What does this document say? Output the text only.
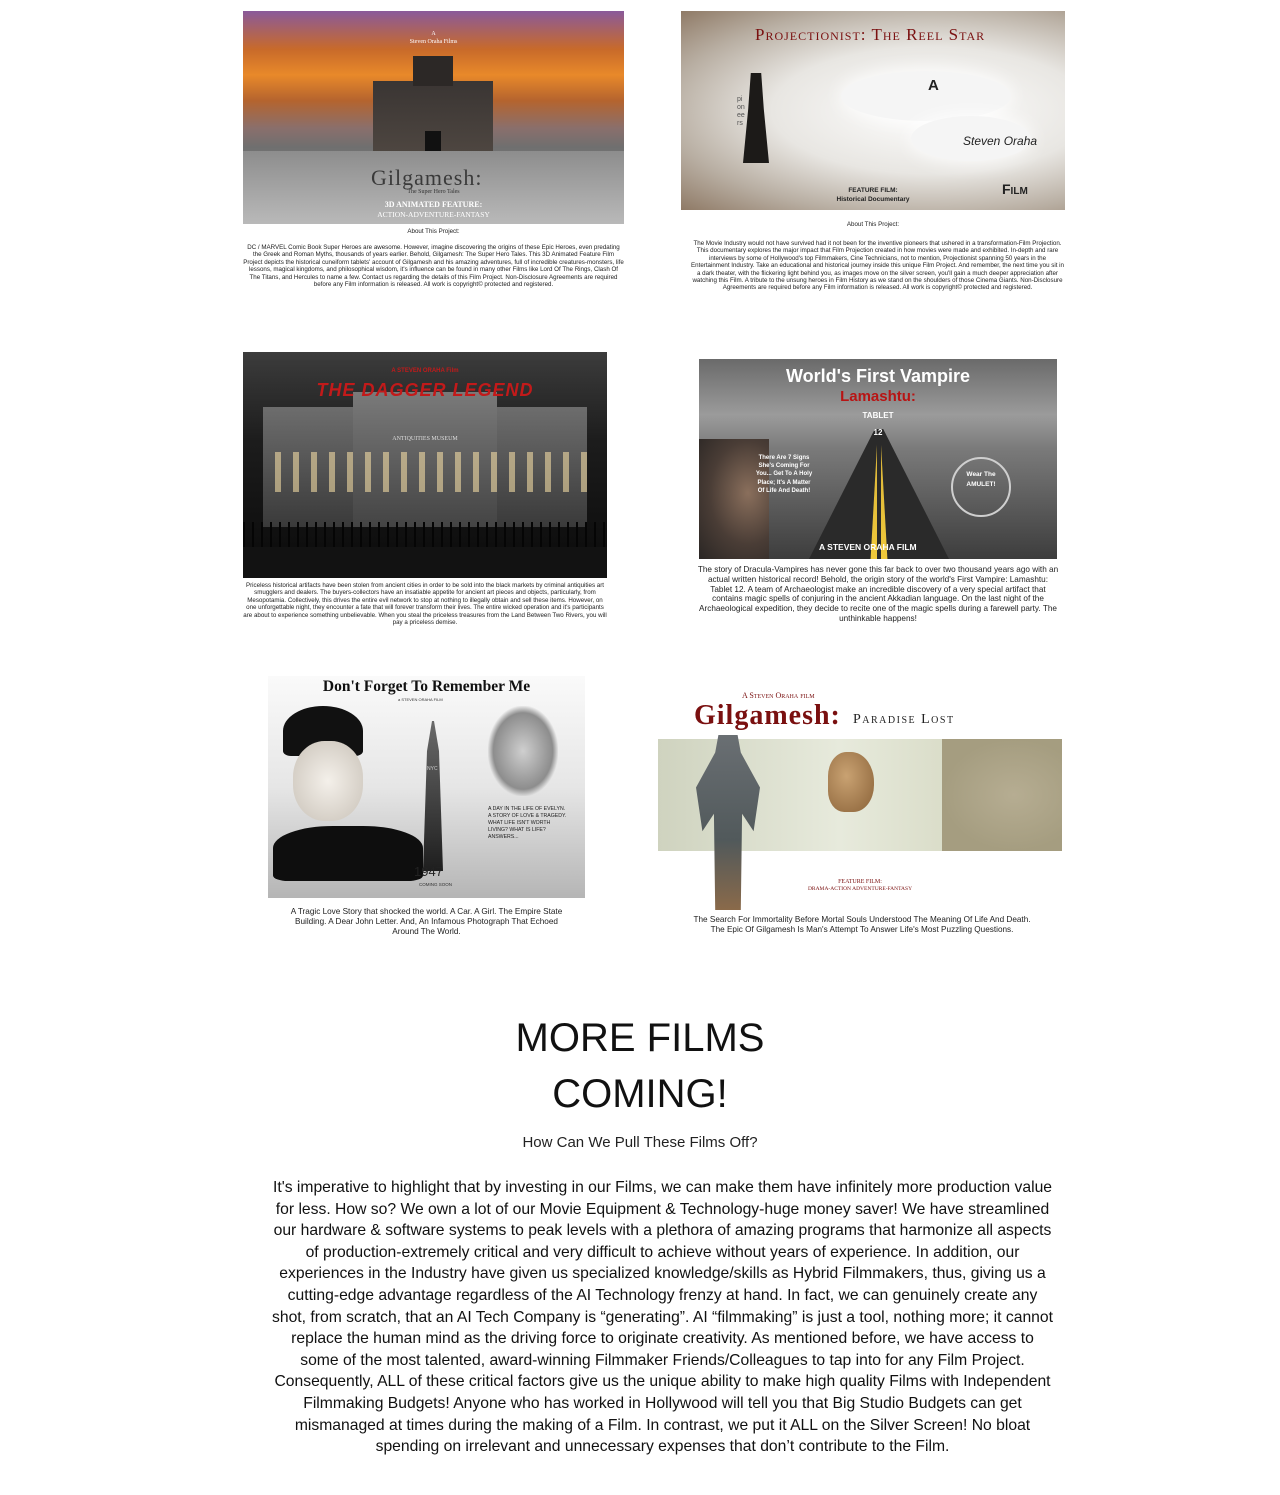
A
Steven Oraha Films
Gilgamesh:
The Super Hero Tales
3D ANIMATED FEATURE:
ACTION-ADVENTURE-FANTASY
About This Project:
DC / MARVEL Comic Book Super Heroes are awesome. However, imagine discovering the origins of these Epic Heroes, even predating the Greek and Roman Myths, thousands of years earlier. Behold, Gilgamesh: The Super Hero Tales. This 3D Animated Feature Film Project depicts the historical cuneiform tablets' account of Gilgamesh and his amazing adventures, full of incredible creatures-monsters, life lessons, magical kingdoms, and philosophical wisdom, it's influence can be found in many other Films like Lord Of The Rings, Clash Of The Titans, and Hercules to name a few. Contact us regarding the details of this Film Project. Non-Disclosure Agreements are required before any Film information is released. All work is copyright© protected and registered.
Projectionist: The Reel Star
pioneers
A
Steven Oraha
Film
FEATURE FILM:
Historical Documentary
About This Project:
The Movie Industry would not have survived had it not been for the inventive pioneers that ushered in a transformation-Film Projection. This documentary explores the major impact that Film Projection created in how movies were made and exhibited. In-depth and rare interviews by some of Hollywood's top Filmmakers, Cine Technicians, not to mention, Projectionist spanning 50 years in the Entertainment Industry. Take an educational and historical journey inside this unique Film Project. And remember, the next time you sit in a dark theater, with the flickering light behind you, as images move on the silver screen, you'll gain a much deeper appreciation after watching this Film. A tribute to the unsung heroes in Film History as we stand on the shoulders of those Cinema Giants. Non-Disclosure Agreements are required before any Film information is released. All work is copyright© protected and registered.
A STEVEN ORAHA Film
THE DAGGER LEGEND
ANTIQUITIES MUSEUM
Priceless historical artifacts have been stolen from ancient cities in order to be sold into the black markets by criminal antiquities art smugglers and dealers. The buyers-collectors have an insatiable appetite for ancient art pieces and objects, particularly, from Mesopotamia. Collectively, this drives the entire evil network to stop at nothing to illegally obtain and sell these items. However, on one unforgettable night, they encounter a fate that will forever transform their lives. The entire wicked operation and it's participants are about to experience something unbelievable. When you steal the priceless treasures from the Land Between Two Rivers, you will pay a priceless demise.
World's First Vampire
Lamashtu:
TABLET
12
There Are 7 Signs She's Coming For You... Get To A Holy Place; It's A Matter Of Life And Death!
Wear The
AMULET!
A STEVEN ORAHA FILM
The story of Dracula-Vampires has never gone this far back to over two thousand years ago with an actual written historical record! Behold, the origin story of the world's First Vampire: Lamashtu: Tablet 12. A team of Archaeologist make an incredible discovery of a very special artifact that contains magic spells of conjuring in the ancient Akkadian language. On the last night of the Archaeological expedition, they decide to recite one of the magic spells during a farewell party. The unthinkable happens!
Don't Forget To Remember Me
a STEVEN ORAHA FILM
NYC
A DAY IN THE LIFE OF EVELYN. A STORY OF LOVE & TRAGEDY. WHAT LIFE ISN'T WORTH LIVING? WHAT IS LIFE? ANSWERS...
1947
COMING SOON
A Tragic Love Story that shocked the world. A Car. A Girl. The Empire State Building. A Dear John Letter. And, An Infamous Photograph That Echoed Around The World.
A Steven Oraha film
Gilgamesh: Paradise Lost
FEATURE FILM:
DRAMA-ACTION ADVENTURE-FANTASY
The Search For Immortality Before Mortal Souls Understood The Meaning Of Life And Death. The Epic Of Gilgamesh Is Man's Attempt To Answer Life's Most Puzzling Questions.
MORE FILMS
COMING!
How Can We Pull These Films Off?
It's imperative to highlight that by investing in our Films, we can make them have infinitely more production value for less. How so? We own a lot of our Movie Equipment & Technology-huge money saver! We have streamlined our hardware & software systems to peak levels with a plethora of amazing programs that harmonize all aspects of production-extremely critical and very difficult to achieve without years of experience. In addition, our experiences in the Industry have given us specialized knowledge/skills as Hybrid Filmmakers, thus, giving us a cutting-edge advantage regardless of the AI Technology frenzy at hand. In fact, we can genuinely create any shot, from scratch, that an AI Tech Company is “generating”. AI “filmmaking” is just a tool, nothing more; it cannot replace the human mind as the driving force to originate creativity. As mentioned before, we have access to some of the most talented, award-winning Filmmaker Friends/Colleagues to tap into for any Film Project. Consequently, ALL of these critical factors give us the unique ability to make high quality Films with Independent Filmmaking Budgets! Anyone who has worked in Hollywood will tell you that Big Studio Budgets can get mismanaged at times during the making of a Film. In contrast, we put it ALL on the Silver Screen! No bloat spending on irrelevant and unnecessary expenses that don’t contribute to the Film.
